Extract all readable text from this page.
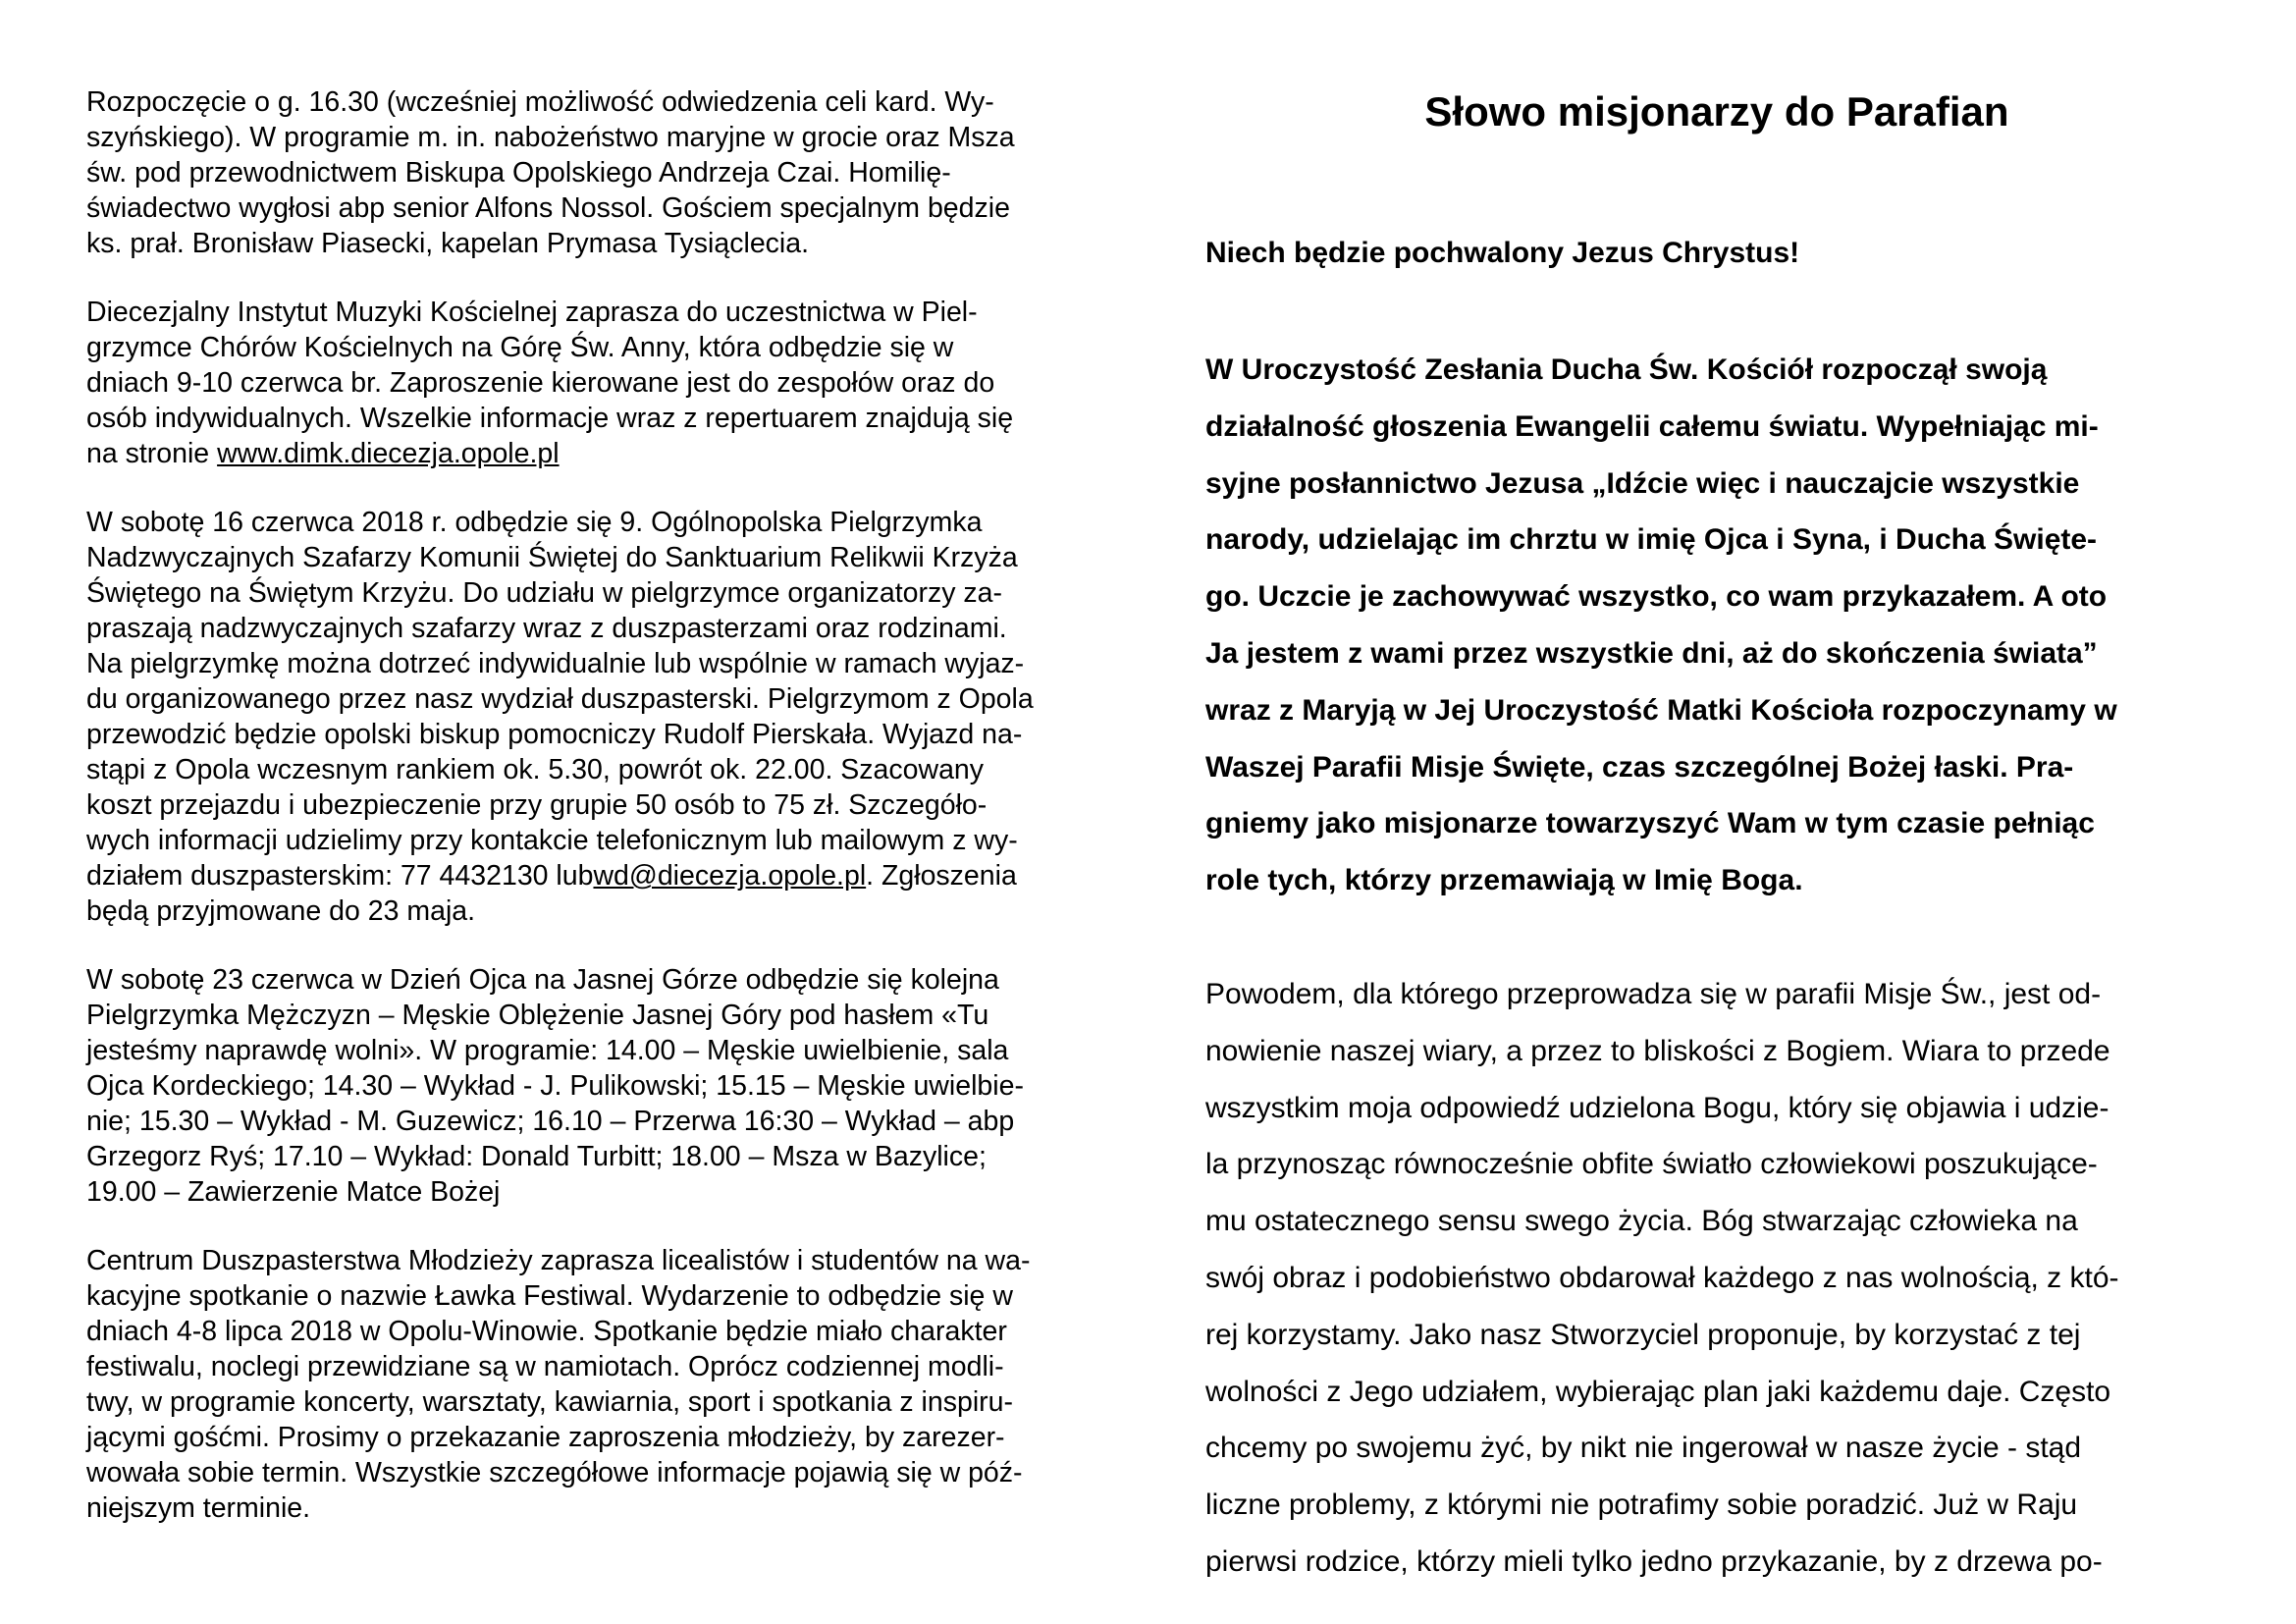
Rozpoczęcie o g. 16.30 (wcześniej możliwość odwiedzenia celi kard. Wy-
szyńskiego). W programie m. in. nabożeństwo maryjne w grocie oraz Msza
św. pod przewodnictwem Biskupa Opolskiego Andrzeja Czai. Homilię-
świadectwo wygłosi abp senior Alfons Nossol. Gościem specjalnym będzie
ks. prał. Bronisław Piasecki, kapelan Prymasa Tysiąclecia.

Diecezjalny Instytut Muzyki Kościelnej zaprasza do uczestnictwa w Piel-
grzymce Chórów Kościelnych na Górę Św. Anny, która odbędzie się w
dniach 9-10 czerwca br. Zaproszenie kierowane jest do zespołów oraz do
osób indywidualnych. Wszelkie informacje wraz z repertuarem znajdują się
na stronie www.dimk.diecezja.opole.pl

W sobotę 16 czerwca 2018 r. odbędzie się 9. Ogólnopolska Pielgrzymka
Nadzwyczajnych Szafarzy Komunii Świętej do Sanktuarium Relikwii Krzyża
Świętego na Świętym Krzyżu. Do udziału w pielgrzymce organizatorzy za-
praszają nadzwyczajnych szafarzy wraz z duszpasterzami oraz rodzinami.
Na pielgrzymkę można dotrzeć indywidualnie lub wspólnie w ramach wyjaz-
du organizowanego przez nasz wydział duszpasterski. Pielgrzymom z Opola
przewodzić będzie opolski biskup pomocniczy Rudolf Pierskała. Wyjazd na-
stąpi z Opola wczesnym rankiem ok. 5.30, powrót ok. 22.00. Szacowany
koszt przejazdu i ubezpieczenie przy grupie 50 osób to 75 zł. Szczegóło-
wych informacji udzielimy przy kontakcie telefonicznym lub mailowym z wy-
działem duszpasterskim: 77 4432130 lubwd@diecezja.opole.pl. Zgłoszenia
będą przyjmowane do 23 maja.

W sobotę 23 czerwca w Dzień Ojca na Jasnej Górze odbędzie się kolejna
Pielgrzymka Mężczyzn – Męskie Oblężenie Jasnej Góry pod hasłem «Tu
jesteśmy naprawdę wolni». W programie: 14.00 – Męskie uwielbienie, sala
Ojca Kordeckiego; 14.30 – Wykład - J. Pulikowski; 15.15 – Męskie uwielbie-
nie; 15.30 – Wykład - M. Guzewicz; 16.10 – Przerwa 16:30 – Wykład – abp
Grzegorz Ryś; 17.10 – Wykład: Donald Turbitt; 18.00 – Msza w Bazylice;
19.00 – Zawierzenie Matce Bożej

Centrum Duszpasterstwa Młodzieży zaprasza licealistów i studentów na wa-
kacyjne spotkanie o nazwie Ławka Festiwal. Wydarzenie to odbędzie się w
dniach 4-8 lipca 2018 w Opolu-Winowie. Spotkanie będzie miało charakter
festiwalu, noclegi przewidziane są w namiotach. Oprócz codziennej modli-
twy, w programie koncerty, warsztaty, kawiarnia, sport i spotkania z inspiru-
jącymi gośćmi. Prosimy o przekazanie zaproszenia młodzieży, by zarezer-
wowała sobie termin. Wszystkie szczegółowe informacje pojawią się w póź-
niejszym terminie.

Słowo misjonarzy do Parafian

Niech będzie pochwalony Jezus Chrystus!

W Uroczystość Zesłania Ducha Św. Kościół rozpoczął swoją
działalność głoszenia Ewangelii całemu światu. Wypełniając mi-
syjne posłannictwo Jezusa „Idźcie więc i nauczajcie wszystkie
narody, udzielając im chrztu w imię Ojca i Syna, i Ducha Święte-
go. Uczcie je zachowywać wszystko, co wam przykazałem. A oto
Ja jestem z wami przez wszystkie dni, aż do skończenia świata”
wraz z Maryją w Jej Uroczystość Matki Kościoła rozpoczynamy w
Waszej Parafii Misje Święte, czas szczególnej Bożej łaski. Pra-
gniemy jako misjonarze towarzyszyć Wam w tym czasie pełniąc
role tych, którzy przemawiają w Imię Boga.

Powodem, dla którego przeprowadza się w parafii Misje Św., jest od-
nowienie naszej wiary, a przez to bliskości z Bogiem. Wiara to przede
wszystkim moja odpowiedź udzielona Bogu, który się objawia i udzie-
la przynosząc równocześnie obfite światło człowiekowi poszukujące-
mu ostatecznego sensu swego życia. Bóg stwarzając człowieka na
swój obraz i podobieństwo obdarował każdego z nas wolnością, z któ-
rej korzystamy. Jako nasz Stworzyciel proponuje, by korzystać z tej
wolności z Jego udziałem, wybierając plan jaki każdemu daje. Często
chcemy po swojemu żyć, by nikt nie ingerował w nasze życie - stąd
liczne problemy, z którymi nie potrafimy sobie poradzić. Już w Raju
pierwsi rodzice, którzy mieli tylko jedno przykazanie, by z drzewa po-
